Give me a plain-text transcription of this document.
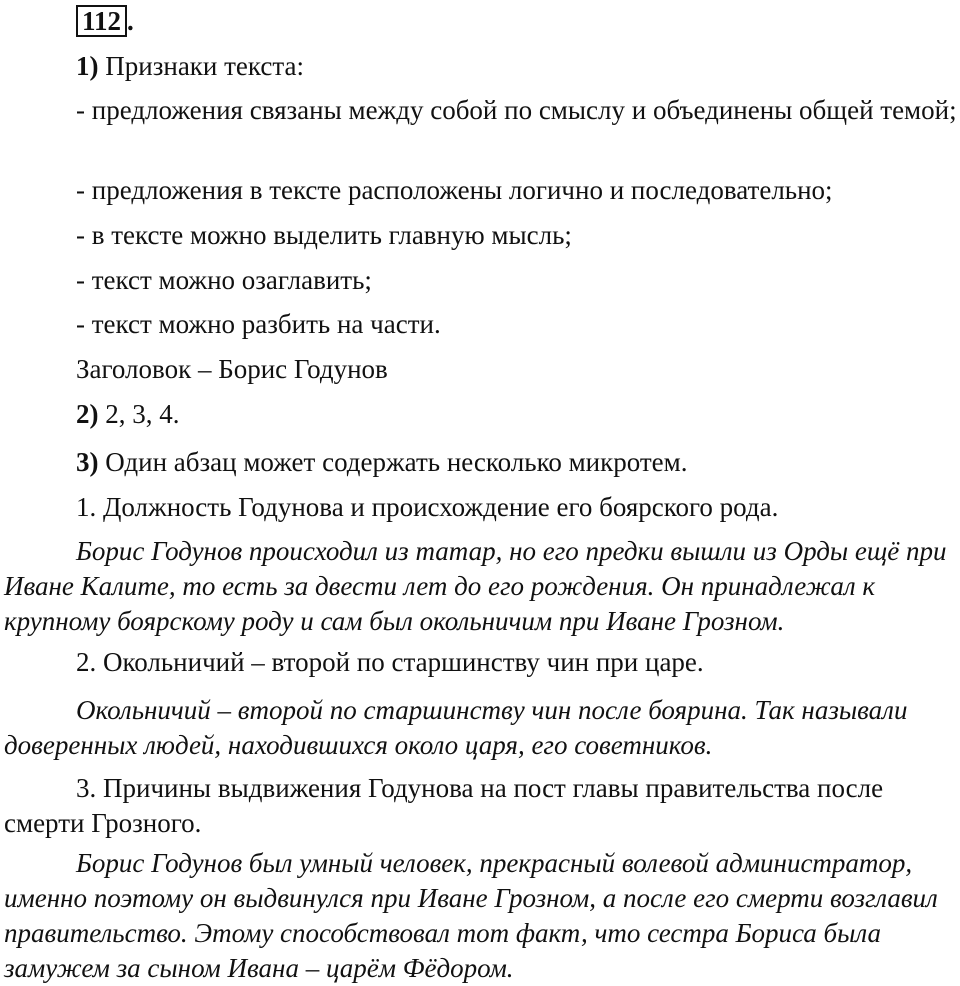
112 .

1) Признаки текста:

- предложения связаны между собой по смыслу и объединены общей темой;

- предложения в тексте расположены логично и последовательно;

- в тексте можно выделить главную мысль;

- текст можно озаглавить;

- текст можно разбить на части.

Заголовок – Борис Годунов

2) 2, 3, 4.

3) Один абзац может содержать несколько микротем.

1. Должность Годунова и происхождение его боярского рода.

Борис Годунов происходил из татар, но его предки вышли из Орды ещё при Иване Калите, то есть за двести лет до его рождения. Он принадлежал к крупному боярскому роду и сам был окольничим при Иване Грозном.

2. Окольничий – второй по старшинству чин при царе.

Окольничий – второй по старшинству чин после боярина. Так называли доверенных людей, находившихся около царя, его советников.

3. Причины выдвижения Годунова на пост главы правительства после смерти Грозного.

Борис Годунов был умный человек, прекрасный волевой администратор, именно поэтому он выдвинулся при Иване Грозном, а после его смерти возглавил правительство. Этому способствовал тот факт, что сестра Бориса была замужем за сыном Ивана – царём Фёдором.
